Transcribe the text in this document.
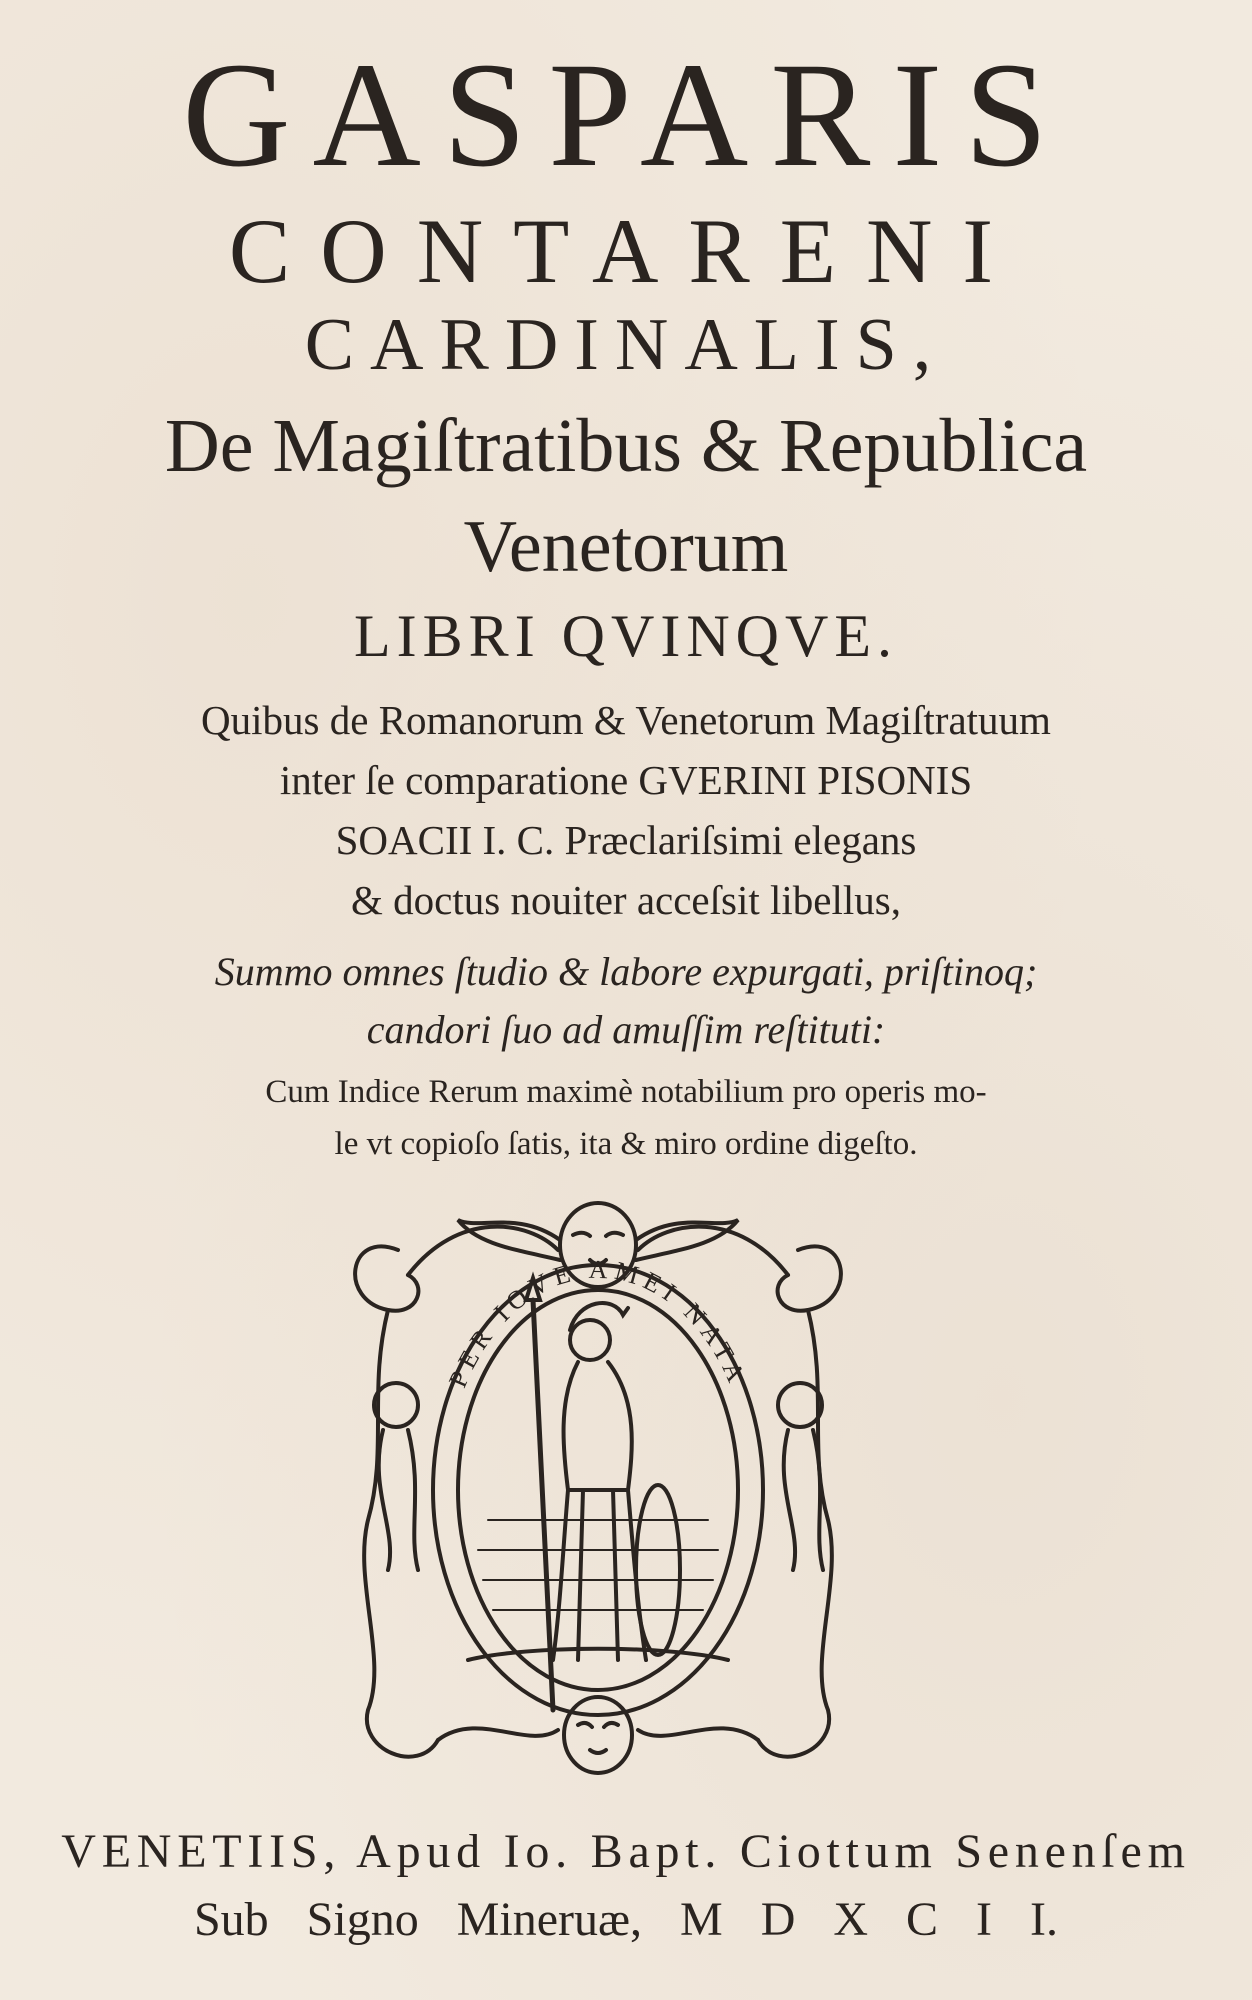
GASPARIS
CONTARENI
CARDINALIS,

De Magiſtratibus & Republica

Venetorum

LIBRI QVINQVE.

Quibus de Romanorum & Venetorum Magiſtratuum

inter ſe comparatione GVERINI PISONIS

SOACII I. C. Præclariſsimi elegans

& doctus nouiter acceſsit libellus,

Summo omnes ſtudio & labore expurgati, priſtinoq;

candori ſuo ad amuſſim reſtituti:

Cum Indice Rerum maximè notabilium pro operis mo-

le vt copioſo ſatis, ita & miro ordine digeſto.

PER IOVE AMEI NATA

VENETIIS, Apud Io. Bapt. Ciottum Senenſem

Sub Signo Mineruæ, M D X C I I.
